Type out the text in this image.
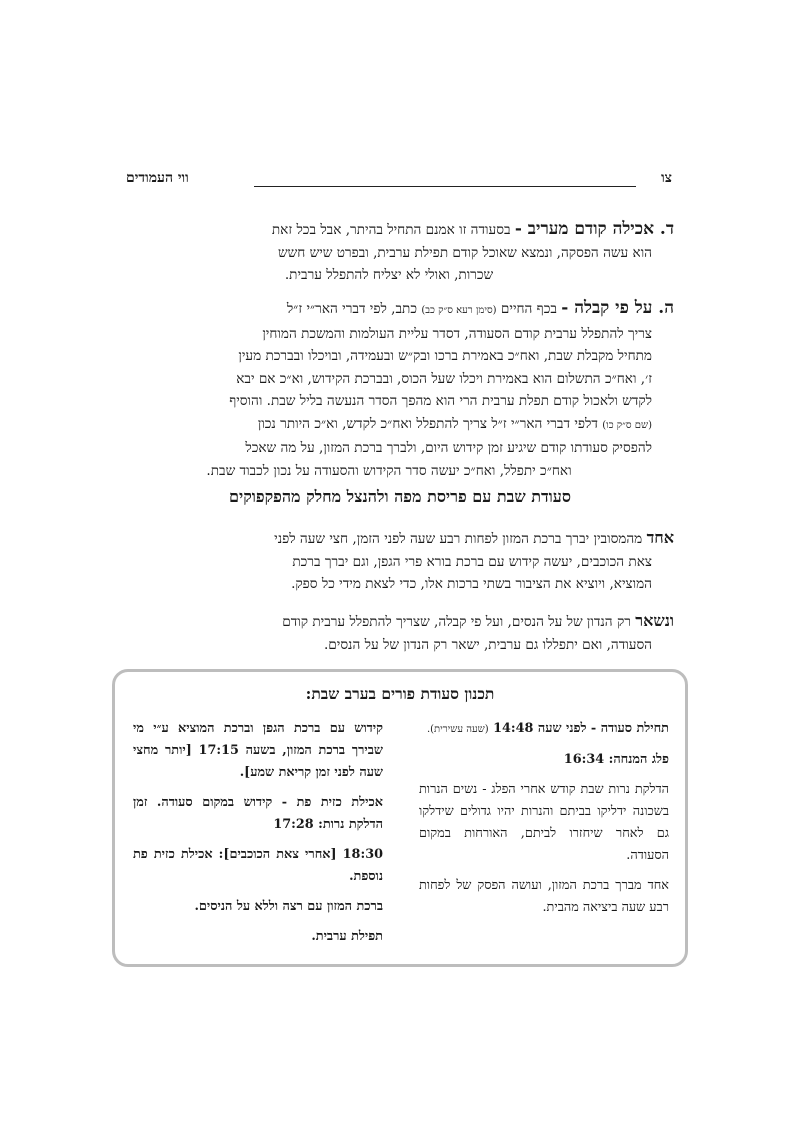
צו
ווי העמודים
ד. אכילה קודם מעריב - בסעודה זו אמנם התחיל בהיתר, אבל בכל זאת
הוא עשה הפסקה, ונמצא שאוכל קודם תפילת ערבית, ובפרט שיש חשש
שכרות, ואולי לא יצליח להתפלל ערבית.
ה. על פי קבלה - בכף החיים (סימן רעא ס״ק כב) כתב, לפי דברי האר״י ז״ל
צריך להתפלל ערבית קודם הסעודה, דסדר עליית העולמות והמשכת המוחין
מתחיל מקבלת שבת, ואח״כ באמירת ברכו ובק״ש ובעמידה, ובויכלו ובברכת מעין
ז׳, ואח״כ התשלום הוא באמירת ויכלו שעל הכוס, ובברכת הקידוש, וא״כ אם יבא
לקדש ולאכול קודם תפלת ערבית הרי הוא מהפך הסדר הנעשה בליל שבת. והוסיף
(שם ס״ק כו) דלפי דברי האר״י ז״ל צריך להתפלל ואח״כ לקדש, וא״כ היותר נכון
להפסיק סעודתו קודם שיגיע זמן קידוש היום, ולברך ברכת המזון, על מה שאכל
ואח״כ יתפלל, ואח״כ יעשה סדר הקידוש והסעודה על נכון לכבוד שבת.
סעודת שבת עם פריסת מפה ולהנצל מחלק מהפקפוקים
אחד מהמסובין יברך ברכת המזון לפחות רבע שעה לפני הזמן, חצי שעה לפני
צאת הכוכבים, יעשה קידוש עם ברכת בורא פרי הגפן, וגם יברך ברכת
המוציא, ויוציא את הציבור בשתי ברכות אלו, כדי לצאת מידי כל ספק.
ונשאר רק הנדון של על הנסים, ועל פי קבלה, שצריך להתפלל ערבית קודם
הסעודה, ואם יתפללו גם ערבית, ישאר רק הנדון של על הנסים.
תכנון סעודת פורים בערב שבת:
תחילת סעודה - לפני שעה 14:48 (שעה עשירית).
פלג המנחה: 16:34
הדלקת נרות שבת קודש אחרי הפלג - נשים הנרות בשכונה ידליקו בביתם והנרות יהיו גדולים שידלקו גם לאחר שיחזרו לביתם, האורחות במקום הסעודה.
אחד מברך ברכת המזון, ועושה הפסק של לפחות רבע שעה ביציאה מהבית.
קידוש עם ברכת הגפן וברכת המוציא ע״י מי שבירך ברכת המזון, בשעה 17:15 [יותר מחצי שעה לפני זמן קריאת שמע].
אכילת כזית פת - קידוש במקום סעודה. זמן הדלקת נרות: 17:28
18:30 [אחרי צאת הכוכבים]: אכילת כזית פת נוספת.
ברכת המזון עם רצה וללא על הניסים.
תפילת ערבית.
